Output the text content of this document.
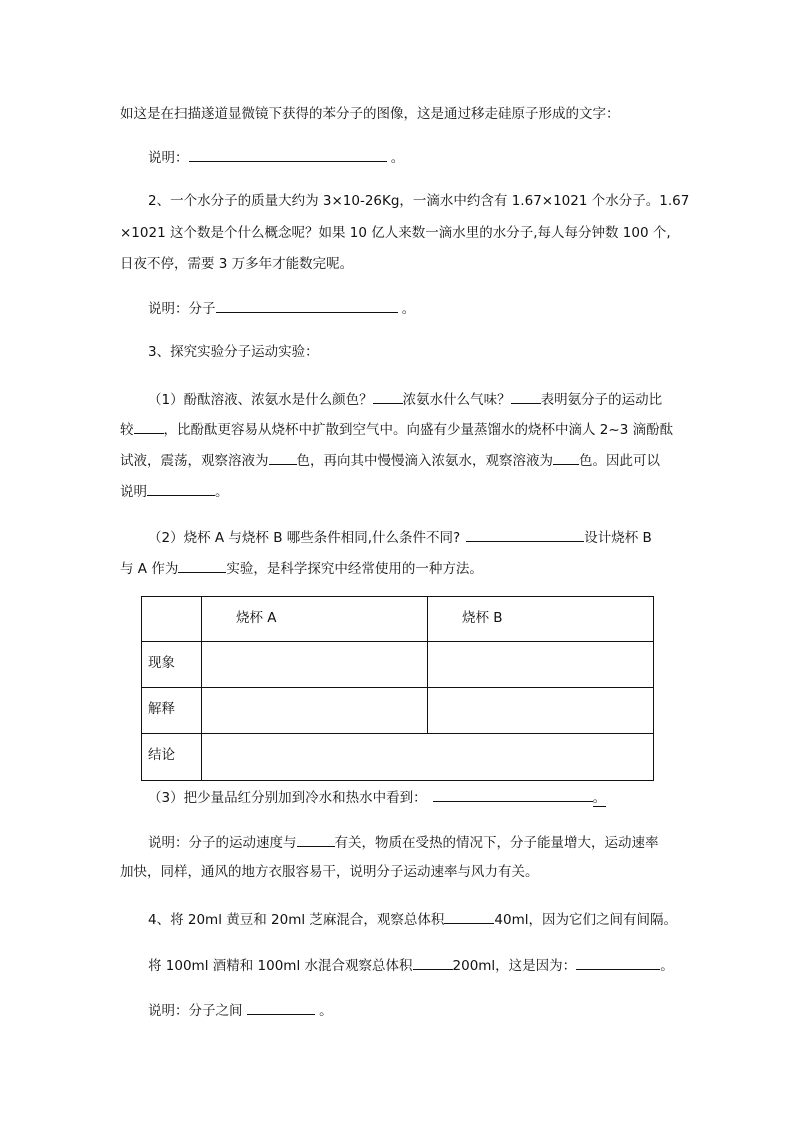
如这是在扫描遂道显微镜下获得的苯分子的图像，这是通过移走硅原子形成的文字：
说明：	。
2、一个水分子的质量大约为 3×10-26Kg，一滴水中约含有 1.67×1021 个水分子。1.67
×1021 这个数是个什么概念呢？如果 10 亿人来数一滴水里的水分子,每人每分钟数 100 个,
日夜不停，需要 3 万多年才能数完呢。
说明：分子	。
3、探究实验分子运动实验：
（1）酚酞溶液、浓氨水是什么颜色？ 浓氨水什么气味？ 表明氨分子的运动比
较 ，比酚酞更容易从烧杯中扩散到空气中。向盛有少量蒸馏水的烧杯中滴人 2~3 滴酚酞
试液，震荡，观察溶液为 色，再向其中慢慢滴入浓氨水，观察溶液为 色。因此可以
说明	。
（2）烧杯 A 与烧杯 B 哪些条件相同,什么条件不同?	设计烧杯 B
与 A 作为	实验，是科学探究中经常使用的一种方法。

	烧杯 A	烧杯 B

现象		

解释		

结论		

（3）把少量品红分别加到冷水和热水中看到：	。
说明：分子的运动速度与	有关，物质在受热的情况下，分子能量增大，运动速率
加快，同样，通风的地方衣服容易干，说明分子运动速率与风力有关。
4、将 20ml 黄豆和 20ml 芝麻混合，观察总体积	40ml，因为它们之间有间隔。
将 100ml 酒精和 100ml 水混合观察总体积	200ml，这是因为：	。
说明：分子之间	。
